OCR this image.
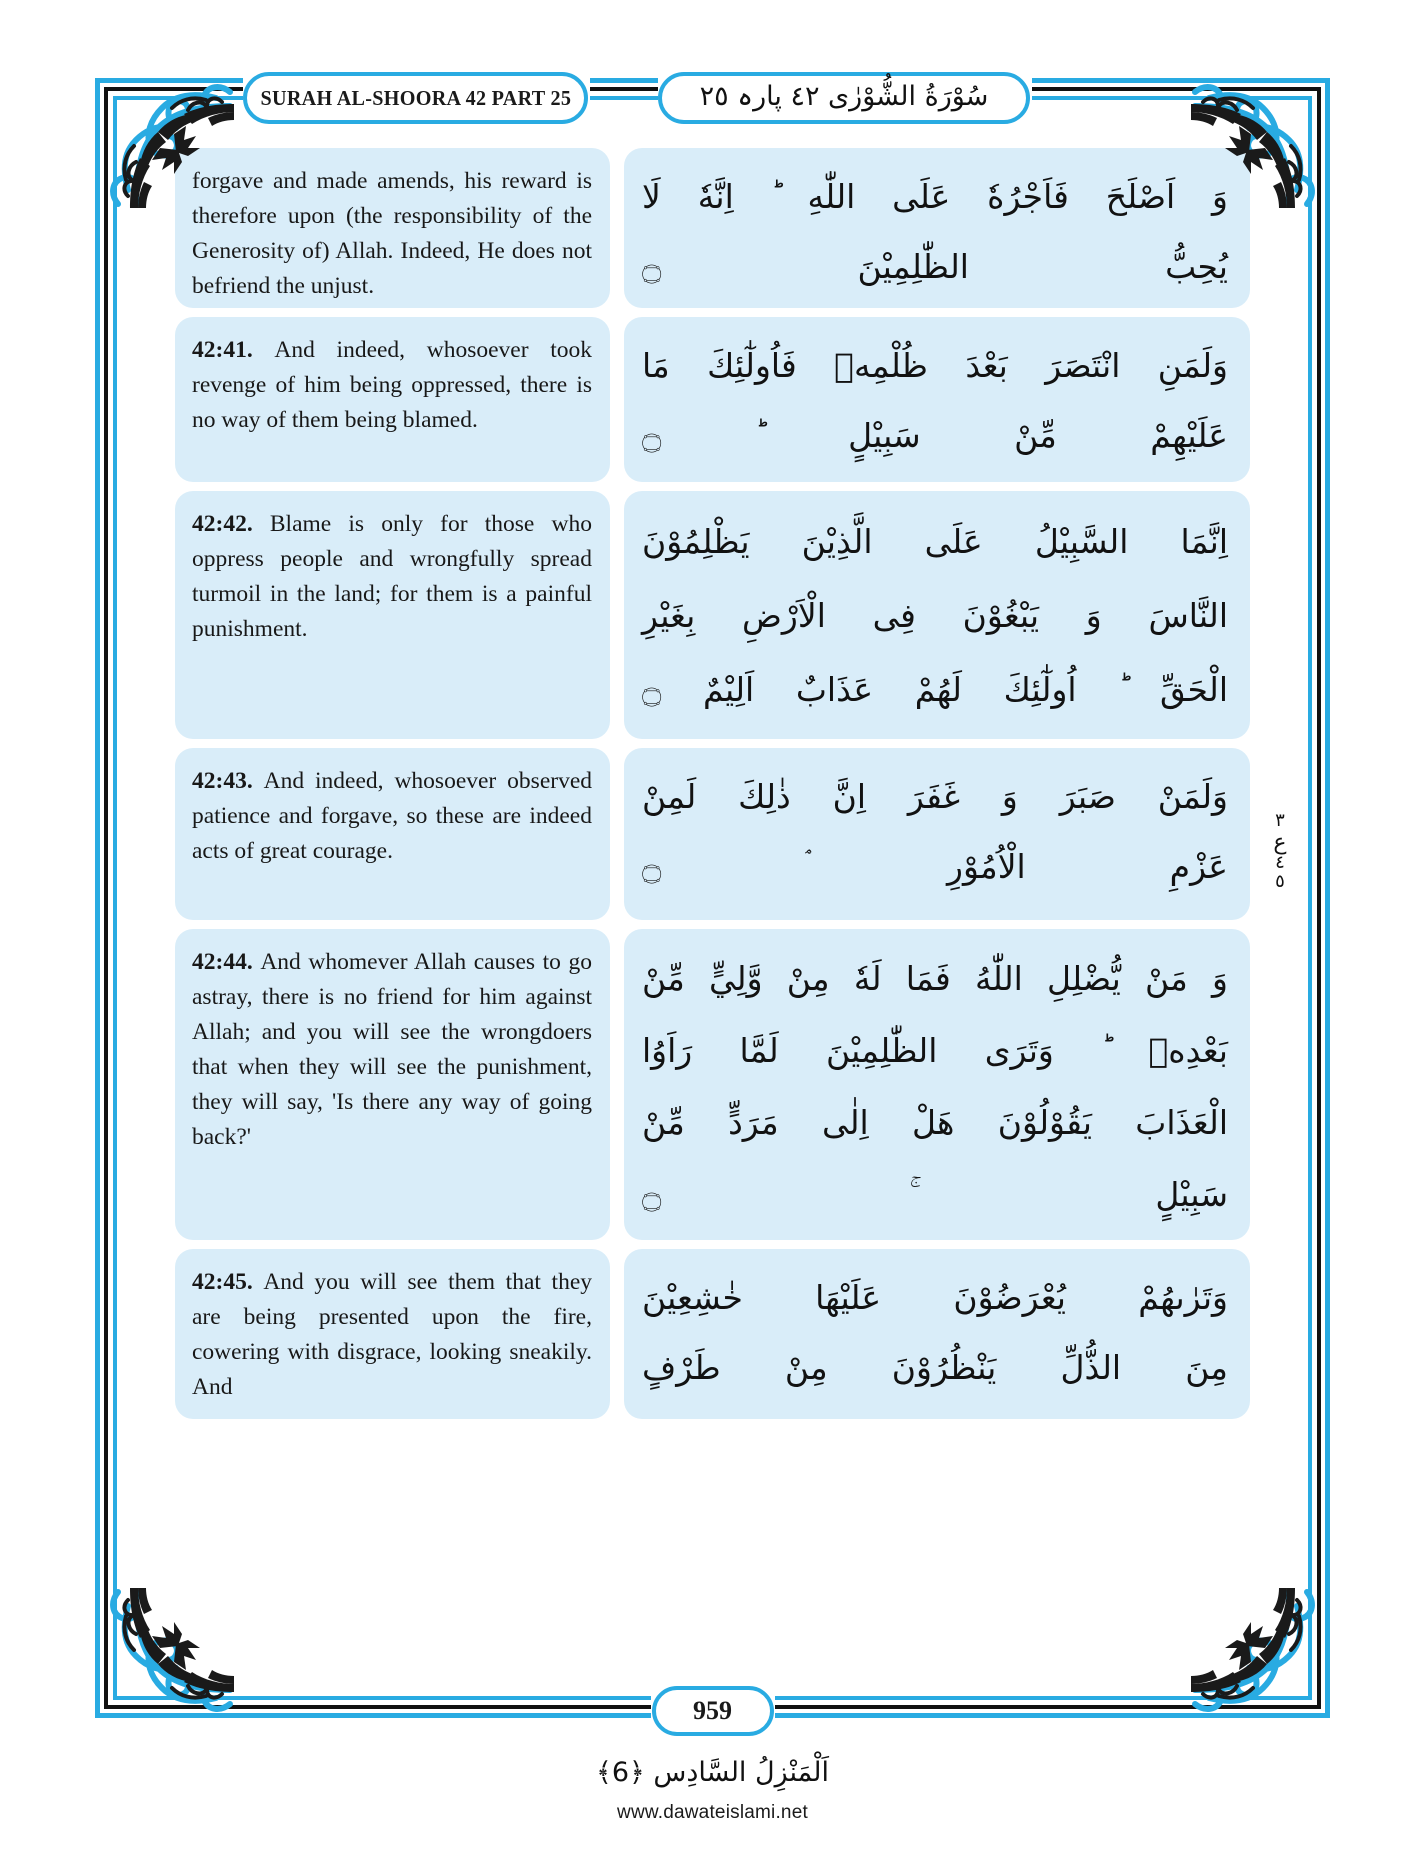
SURAH AL-SHOORA 42 PART 25	سُوْرَةُ الشُّوْرٰی ٤٢ پارہ ٢٥
٣
ع
٤
٥
forgave and made amends, his reward is therefore upon (the responsibility of the Generosity of) Allah. Indeed, He does not befriend the unjust.
وَ اَصْلَحَ فَاَجْرُهٗ عَلَى اللّٰهِ ؕ اِنَّهٗ لَا
يُحِبُّ الظّٰلِمِيْنَ ۝
42:41. And indeed, whosoever took revenge of him being oppressed, there is no way of them being blamed.
وَلَمَنِ انْتَصَرَ بَعْدَ ظُلْمِهٖ فَاُولٰٓئِكَ مَا
عَلَيْهِمْ مِّنْ سَبِيْلٍ ؕ ۝
42:42. Blame is only for those who oppress people and wrongfully spread turmoil in the land; for them is a painful punishment.
اِنَّمَا السَّبِيْلُ عَلَى الَّذِيْنَ يَظْلِمُوْنَ
النَّاسَ وَ يَبْغُوْنَ فِى الْاَرْضِ بِغَيْرِ
الْحَقِّ ؕ اُولٰٓئِكَ لَهُمْ عَذَابٌ اَلِيْمٌ ۝
42:43. And indeed, whosoever observed patience and forgave, so these are indeed acts of great courage.
وَلَمَنْ صَبَرَ وَ غَفَرَ اِنَّ ذٰلِكَ لَمِنْ
عَزْمِ الْاُمُوْرِ ۘ ۝
42:44. And whomever Allah causes to go astray, there is no friend for him against Allah; and you will see the wrongdoers that when they will see the punishment, they will say, 'Is there any way of going back?'
وَ مَنْ يُّضْلِلِ اللّٰهُ فَمَا لَهٗ مِنْ وَّلِيٍّ مِّنْ
بَعْدِهٖ ؕ وَتَرَى الظّٰلِمِيْنَ لَمَّا رَاَوُا
الْعَذَابَ يَقُوْلُوْنَ هَلْ اِلٰى مَرَدٍّ مِّنْ
سَبِيْلٍ ۚ ۝
42:45. And you will see them that they are being presented upon the fire, cowering with disgrace, looking sneakily. And
وَتَرٰىهُمْ يُعْرَضُوْنَ عَلَيْهَا خٰشِعِيْنَ
مِنَ الذُّلِّ يَنْظُرُوْنَ مِنْ طَرْفٍ
959
اَلْمَنْزِلُ السَّادِس ﴿6﴾
www.dawateislami.net
